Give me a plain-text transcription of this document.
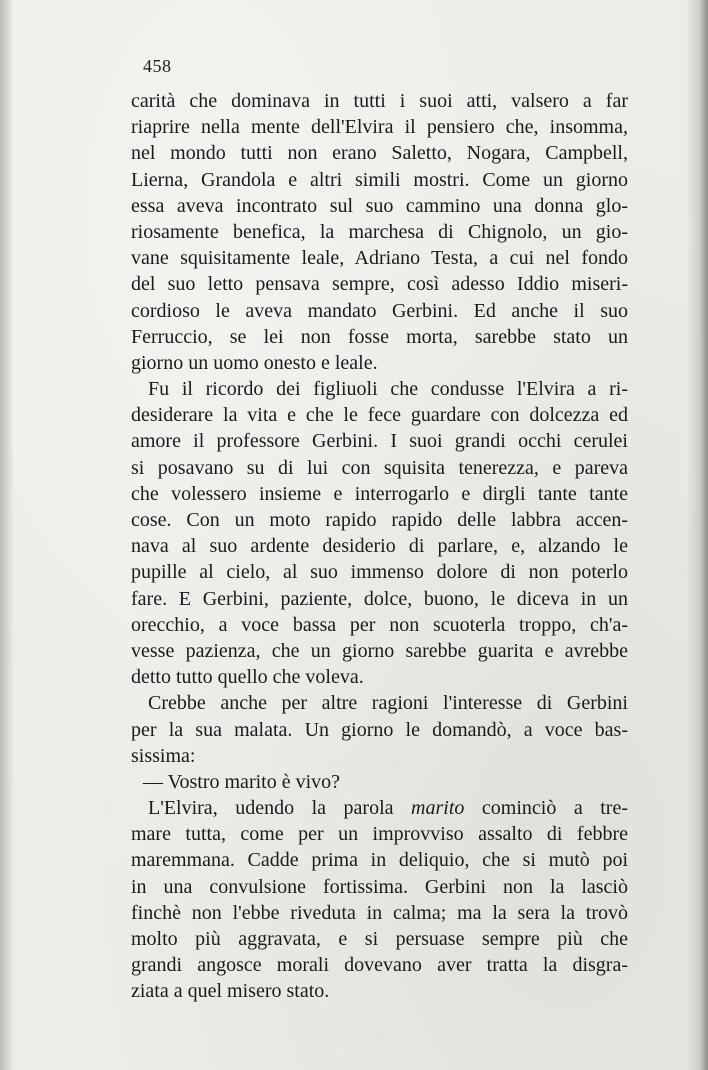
458
carità che dominava in tutti i suoi atti, valsero a far
riaprire nella mente dell'Elvira il pensiero che, insomma,
nel mondo tutti non erano Saletto, Nogara, Campbell,
Lierna, Grandola e altri simili mostri. Come un giorno
essa aveva incontrato sul suo cammino una donna glo-
riosamente benefica, la marchesa di Chignolo, un gio-
vane squisitamente leale, Adriano Testa, a cui nel fondo
del suo letto pensava sempre, così adesso Iddio miseri-
cordioso le aveva mandato Gerbini. Ed anche il suo
Ferruccio, se lei non fosse morta, sarebbe stato un
giorno un uomo onesto e leale.
Fu il ricordo dei figliuoli che condusse l'Elvira a ri-
desiderare la vita e che le fece guardare con dolcezza ed
amore il professore Gerbini. I suoi grandi occhi cerulei
si posavano su di lui con squisita tenerezza, e pareva
che volessero insieme e interrogarlo e dirgli tante tante
cose. Con un moto rapido rapido delle labbra accen-
nava al suo ardente desiderio di parlare, e, alzando le
pupille al cielo, al suo immenso dolore di non poterlo
fare. E Gerbini, paziente, dolce, buono, le diceva in un
orecchio, a voce bassa per non scuoterla troppo, ch'a-
vesse pazienza, che un giorno sarebbe guarita e avrebbe
detto tutto quello che voleva.
Crebbe anche per altre ragioni l'interesse di Gerbini
per la sua malata. Un giorno le domandò, a voce bas-
sissima:
— Vostro marito è vivo?
L'Elvira, udendo la parola marito cominciò a tre-
mare tutta, come per un improvviso assalto di febbre
maremmana. Cadde prima in deliquio, che si mutò poi
in una convulsione fortissima. Gerbini non la lasciò
finchè non l'ebbe riveduta in calma; ma la sera la trovò
molto più aggravata, e si persuase sempre più che
grandi angosce morali dovevano aver tratta la disgra-
ziata a quel misero stato.
